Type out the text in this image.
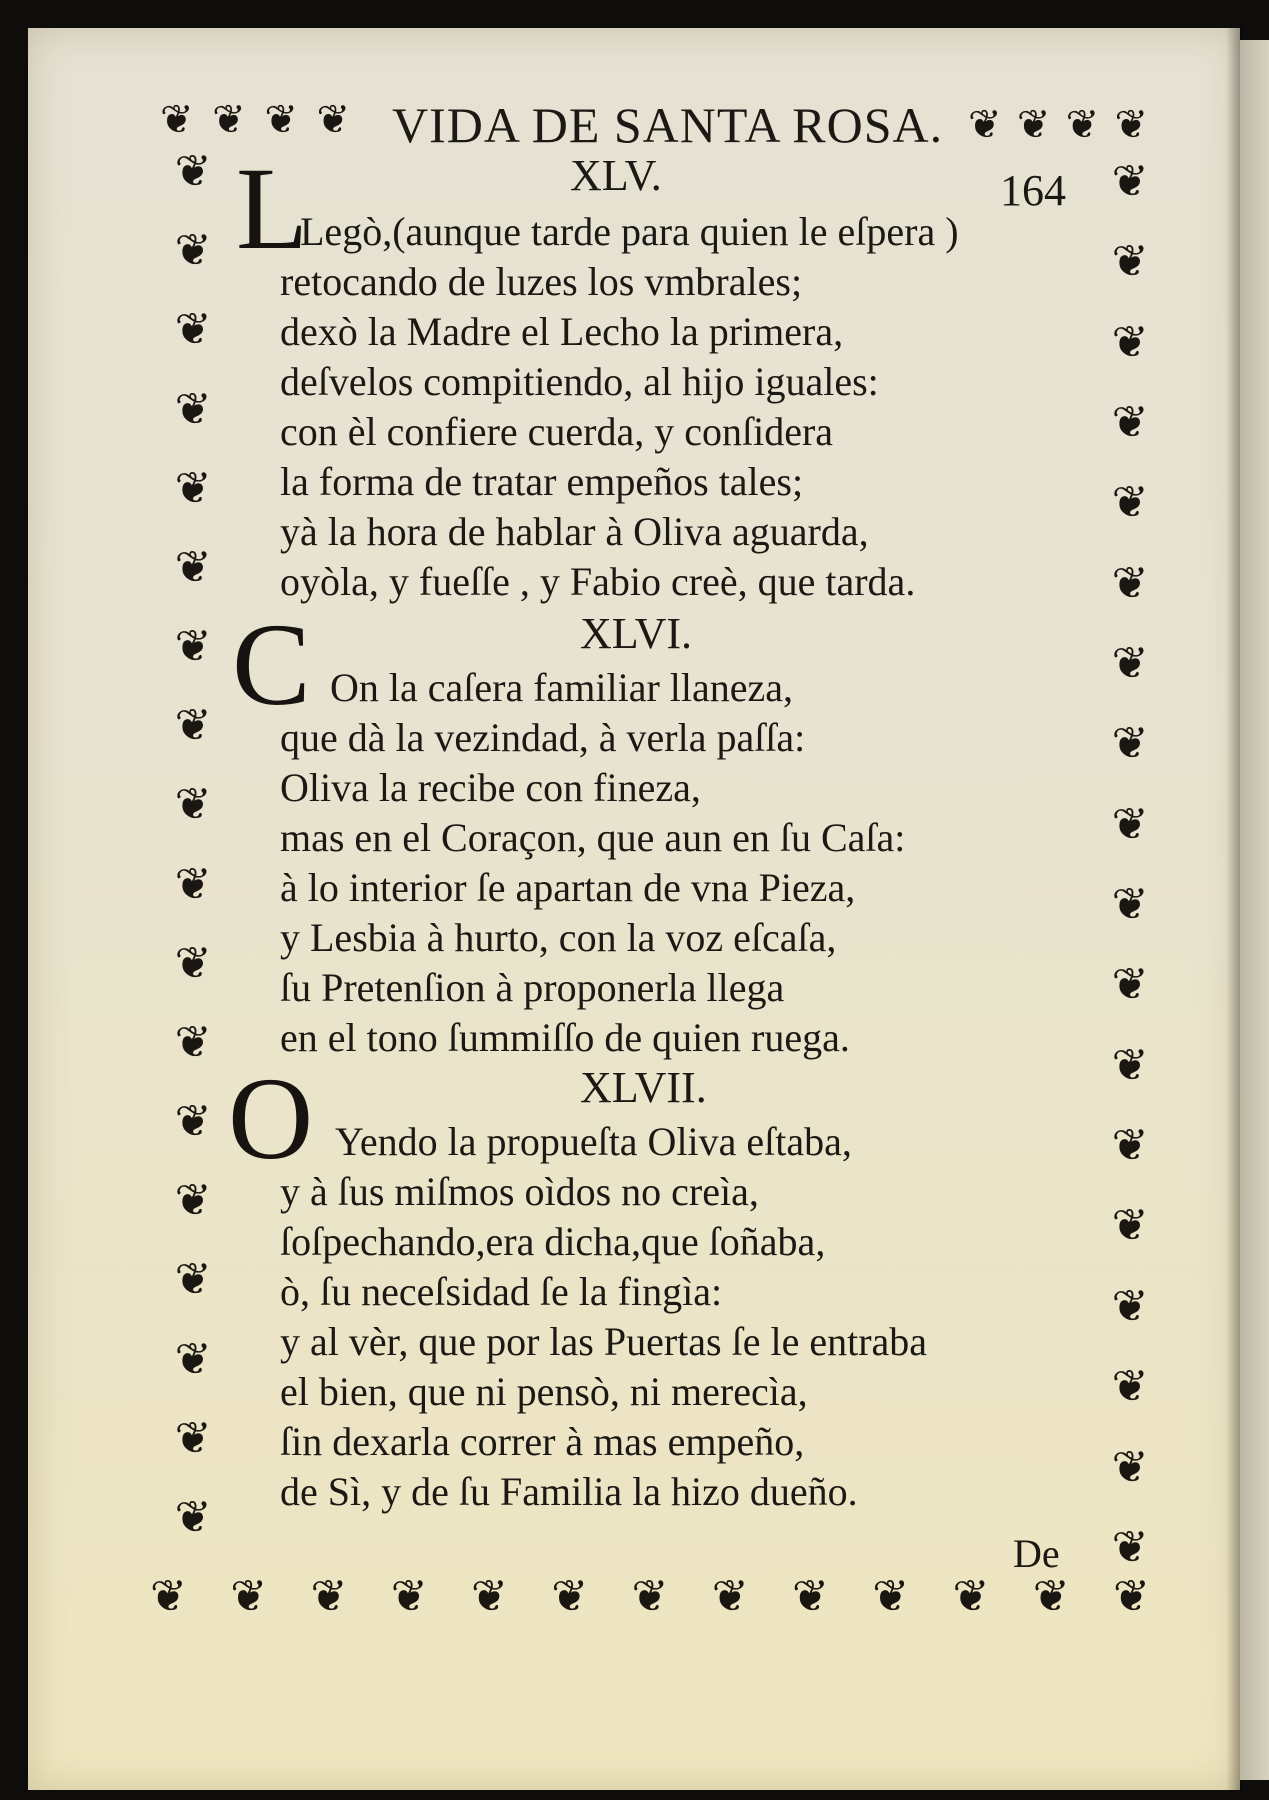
❦ ❦ ❦ ❦	❦ ❦ ❦ ❦
❦
❦
❦
❦
❦
❦
❦
❦
❦
❦
❦
❦
❦
❦
❦
❦
❦
❦
❦
❦
❦
❦
❦
❦
❦
❦
❦
❦
❦
❦
❦
❦
❦
❦
❦
❦
❦ ❦ ❦ ❦ ❦ ❦ ❦ ❦ ❦ ❦ ❦ ❦ ❦
VIDA DE SANTA ROSA.
164
XLV.
L
Legò,(aunque tarde para quien le eſpera )
retocando de luzes los vmbrales;
dexò la Madre el Lecho la primera,
deſvelos compitiendo, al hijo iguales:
con èl confiere cuerda, y conſidera
la forma de tratar empeños tales;
yà la hora de hablar à Oliva aguarda,
oyòla, y fueſſe , y Fabio creè, que tarda.
XLVI.
C On la caſera familiar llaneza,
que dà la vezindad, à verla paſſa:
Oliva la recibe con fineza,
mas en el Coraçon, que aun en ſu Caſa:
à lo interior ſe apartan de vna Pieza,
y Lesbia à hurto, con la voz eſcaſa,
ſu Pretenſion à proponerla llega
en el tono ſummiſſo de quien ruega.
XLVII.
O Yendo la propueſta Oliva eſtaba,
y à ſus miſmos oìdos no creìa,
ſoſpechando,era dicha,que ſoñaba,
ò, ſu neceſsidad ſe la fingìa:
y al vèr, que por las Puertas ſe le entraba
el bien, que ni pensò, ni merecìa,
ſin dexarla correr à mas empeño,
de Sì, y de ſu Familia la hizo dueño.
De
